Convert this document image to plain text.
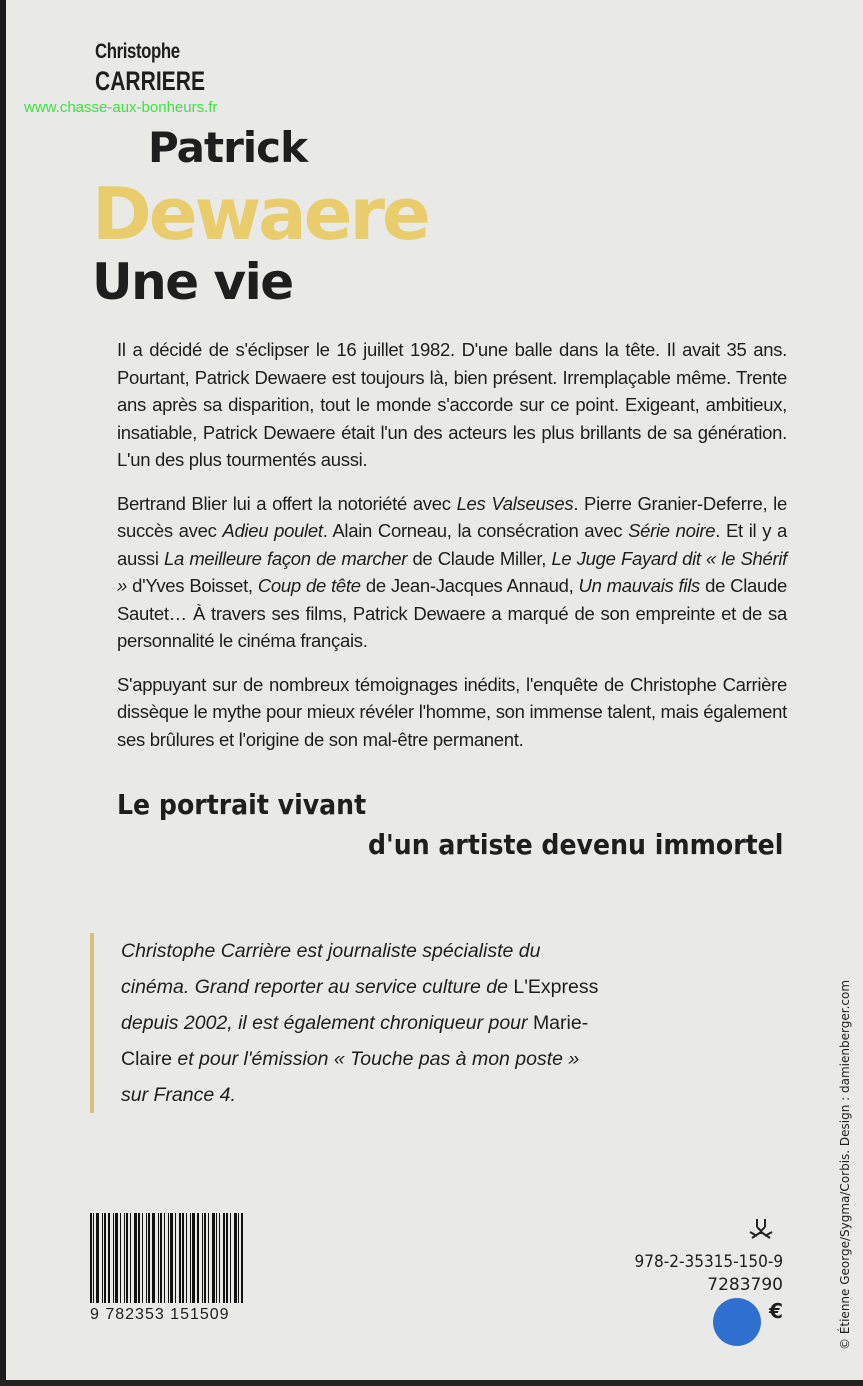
Christophe
CARRIERE
www.chasse-aux-bonheurs.fr
Patrick
Dewaere
Une vie

Il a décidé de s'éclipser le 16 juillet 1982. D'une balle dans la tête. Il avait 35 ans. Pourtant, Patrick Dewaere est toujours là, bien présent. Irremplaçable même. Trente ans après sa disparition, tout le monde s'accorde sur ce point. Exigeant, ambitieux, insatiable, Patrick Dewaere était l'un des acteurs les plus brillants de sa génération. L'un des plus tourmentés aussi.

Bertrand Blier lui a offert la notoriété avec Les Valseuses. Pierre Granier-Deferre, le succès avec Adieu poulet. Alain Corneau, la consécration avec Série noire. Et il y a aussi La meilleure façon de marcher de Claude Miller, Le Juge Fayard dit « le Shérif » d'Yves Boisset, Coup de tête de Jean-Jacques Annaud, Un mauvais fils de Claude Sautet… À travers ses films, Patrick Dewaere a marqué de son empreinte et de sa personnalité le cinéma français.

S'appuyant sur de nombreux témoignages inédits, l'enquête de Christophe Carrière dissèque le mythe pour mieux révéler l'homme, son immense talent, mais également ses brûlures et l'origine de son mal-être permanent.

Le portrait vivant
d'un artiste devenu immortel
Christophe Carrière est journaliste spécialiste du cinéma. Grand reporter au service culture de L'Express depuis 2002, il est également chroniqueur pour Marie-Claire et pour l'émission « Touche pas à mon poste » sur France 4.
9 782353 151509
978-2-35315-150-9
7283790
€	© Étienne George/Sygma/Corbis. Design : damienberger.com
